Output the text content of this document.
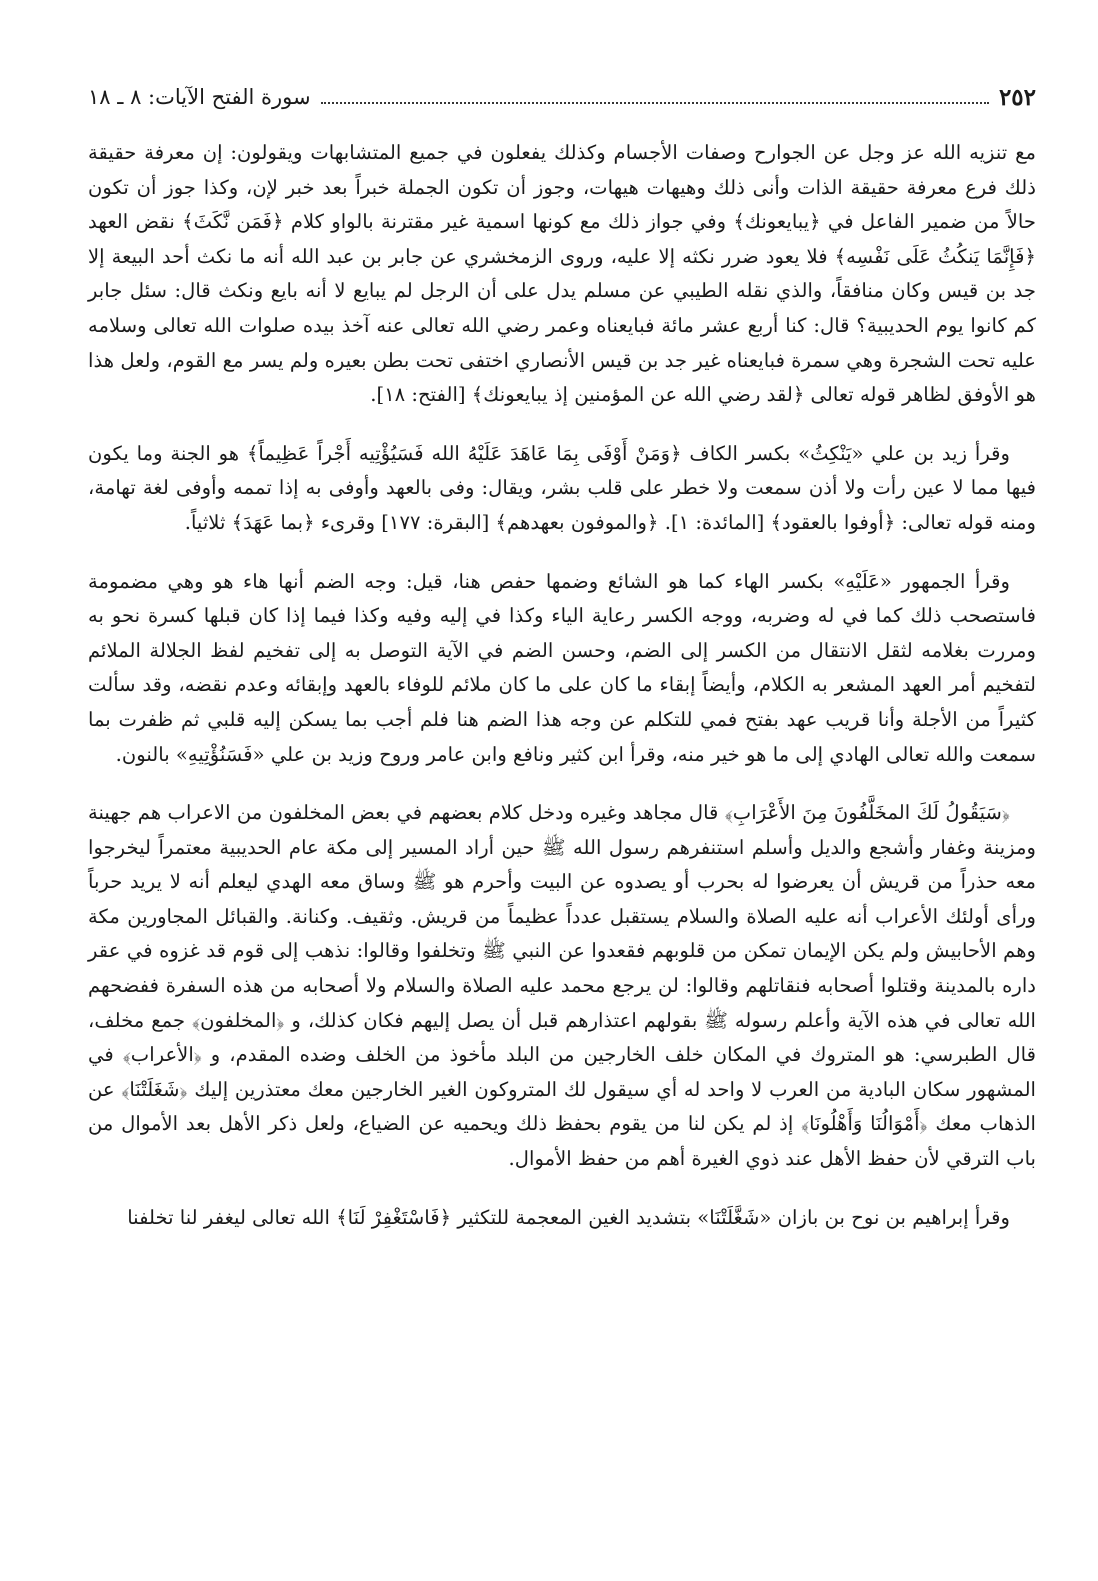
٢٥٢
سورة الفتح الآيات: ٨ ـ ١٨

مع تنزيه الله عز وجل عن الجوارح وصفات الأجسام وكذلك يفعلون في جميع المتشابهات ويقولون: إن معرفة حقيقة ذلك فرع معرفة حقيقة الذات وأنى ذلك وهيهات هيهات، وجوز أن تكون الجملة خبراً بعد خبر لإن، وكذا جوز أن تكون حالاً من ضمير الفاعل في ﴿يبايعونك﴾ وفي جواز ذلك مع كونها اسمية غير مقترنة بالواو كلام ﴿فَمَن نَّكَثَ﴾ نقض العهد ﴿فَإِنَّمَا يَنكُثُ عَلَى نَفْسِه﴾ فلا يعود ضرر نكثه إلا عليه، وروى الزمخشري عن جابر بن عبد الله أنه ما نكث أحد البيعة إلا جد بن قيس وكان منافقاً، والذي نقله الطيبي عن مسلم يدل على أن الرجل لم يبايع لا أنه بايع ونكث قال: سئل جابر كم كانوا يوم الحديبية؟ قال: كنا أربع عشر مائة فبايعناه وعمر رضي الله تعالى عنه آخذ بيده صلوات الله تعالى وسلامه عليه تحت الشجرة وهي سمرة فبايعناه غير جد بن قيس الأنصاري اختفى تحت بطن بعيره ولم يسر مع القوم، ولعل هذا هو الأوفق لظاهر قوله تعالى ﴿لقد رضي الله عن المؤمنين إذ يبايعونك﴾ [الفتح: ١٨].

وقرأ زيد بن علي «يَنْكِثُ» بكسر الكاف ﴿وَمَنْ أَوْفَى بِمَا عَاهَدَ عَلَيْهُ الله فَسَيُؤْتِيه أَجْراً عَظِيماً﴾ هو الجنة وما يكون فيها مما لا عين رأت ولا أذن سمعت ولا خطر على قلب بشر، ويقال: وفى بالعهد وأوفى به إذا تممه وأوفى لغة تهامة، ومنه قوله تعالى: ﴿أوفوا بالعقود﴾ [المائدة: ١]. ﴿والموفون بعهدهم﴾ [البقرة: ١٧٧] وقرىء ﴿بما عَهَدَ﴾ ثلاثياً.

وقرأ الجمهور «عَلَيْهِ» بكسر الهاء كما هو الشائع وضمها حفص هنا، قيل: وجه الضم أنها هاء هو وهي مضمومة فاستصحب ذلك كما في له وضربه، ووجه الكسر رعاية الياء وكذا في إليه وفيه وكذا فيما إذا كان قبلها كسرة نحو به ومررت بغلامه لثقل الانتقال من الكسر إلى الضم، وحسن الضم في الآية التوصل به إلى تفخيم لفظ الجلالة الملائم لتفخيم أمر العهد المشعر به الكلام، وأيضاً إبقاء ما كان على ما كان ملائم للوفاء بالعهد وإبقائه وعدم نقضه، وقد سألت كثيراً من الأجلة وأنا قريب عهد بفتح فمي للتكلم عن وجه هذا الضم هنا فلم أجب بما يسكن إليه قلبي ثم ظفرت بما سمعت والله تعالى الهادي إلى ما هو خير منه، وقرأ ابن كثير ونافع وابن عامر وروح وزيد بن علي «فَسَنُؤْتِيهِ» بالنون.

﴿سَيَقُولُ لَكَ المخَلَّفُونَ مِنَ الأَعْرَابِ﴾ قال مجاهد وغيره ودخل كلام بعضهم في بعض المخلفون من الاعراب هم جهينة ومزينة وغفار وأشجع والديل وأسلم استنفرهم رسول الله ﷺ حين أراد المسير إلى مكة عام الحديبية معتمراً ليخرجوا معه حذراً من قريش أن يعرضوا له بحرب أو يصدوه عن البيت وأحرم هو ﷺ وساق معه الهدي ليعلم أنه لا يريد حرباً ورأى أولئك الأعراب أنه عليه الصلاة والسلام يستقبل عدداً عظيماً من قريش. وثقيف. وكنانة. والقبائل المجاورين مكة وهم الأحابيش ولم يكن الإيمان تمكن من قلوبهم فقعدوا عن النبي ﷺ وتخلفوا وقالوا: نذهب إلى قوم قد غزوه في عقر داره بالمدينة وقتلوا أصحابه فنقاتلهم وقالوا: لن يرجع محمد عليه الصلاة والسلام ولا أصحابه من هذه السفرة ففضحهم الله تعالى في هذه الآية وأعلم رسوله ﷺ بقولهم اعتذارهم قبل أن يصل إليهم فكان كذلك، و ﴿المخلفون﴾ جمع مخلف، قال الطبرسي: هو المتروك في المكان خلف الخارجين من البلد مأخوذ من الخلف وضده المقدم، و ﴿الأعراب﴾ في المشهور سكان البادية من العرب لا واحد له أي سيقول لك المتروكون الغير الخارجين معك معتذرين إليك ﴿شَغَلَتْنَا﴾ عن الذهاب معك ﴿أَمْوَالُنَا وَأَهْلُونَا﴾ إذ لم يكن لنا من يقوم بحفظ ذلك ويحميه عن الضياع، ولعل ذكر الأهل بعد الأموال من باب الترقي لأن حفظ الأهل عند ذوي الغيرة أهم من حفظ الأموال.

وقرأ إبراهيم بن نوح بن بازان «شَغَّلَتْنَا» بتشديد الغين المعجمة للتكثير ﴿فَاسْتَغْفِرْ لَنَا﴾ الله تعالى ليغفر لنا تخلفنا
